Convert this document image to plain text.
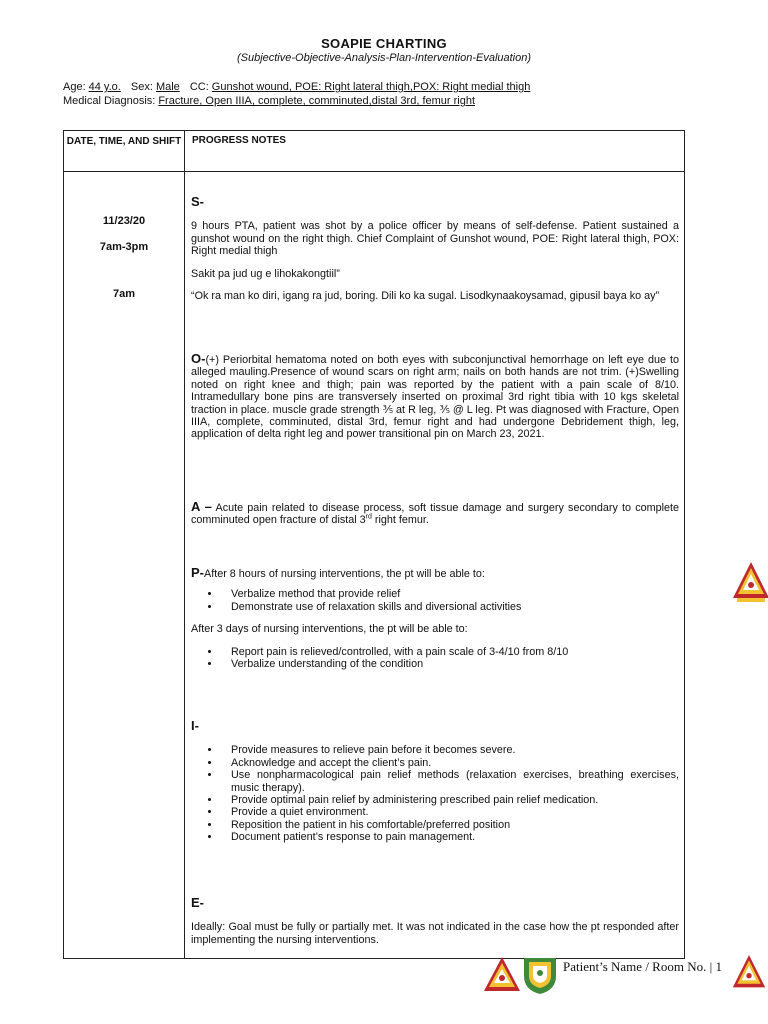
SOAPIE CHARTING
(Subjective-Objective-Analysis-Plan-Intervention-Evaluation)
Age: 44 y.o. Sex: Male CC: Gunshot wound, POE: Right lateral thigh,POX: Right medial thigh
Medical Diagnosis: Fracture, Open IIIA, complete, comminuted,distal 3rd, femur right
DATE, TIME, AND SHIFT PROGRESS NOTES
11/23/20
7am-3pm
7am
S-
9 hours PTA, patient was shot by a police officer by means of self-defense. Patient sustained a gunshot wound on the right thigh. Chief Complaint of Gunshot wound, POE: Right lateral thigh, POX: Right medial thigh
Sakit pa jud ug e lihokakongtiil”
“Ok ra man ko diri, igang ra jud, boring. Dili ko ka sugal. Lisodkynaakoysamad, gipusil baya ko ay”
O-(+) Periorbital hematoma noted on both eyes with subconjunctival hemorrhage on left eye due to alleged mauling.Presence of wound scars on right arm; nails on both hands are not trim. (+)Swelling noted on right knee and thigh; pain was reported by the patient with a pain scale of 8/10. Intramedullary bone pins are transversely inserted on proximal 3rd right tibia with 10 kgs skeletal traction in place. muscle grade strength ⅗ at R leg, ⅗ @ L leg. Pt was diagnosed with Fracture, Open IIIA, complete, comminuted, distal 3rd, femur right and had undergone Debridement thigh, leg, application of delta right leg and power transitional pin on March 23, 2021.
A – Acute pain related to disease process, soft tissue damage and surgery secondary to complete comminuted open fracture of distal 3rd right femur.
P-After 8 hours of nursing interventions, the pt will be able to:
• Verbalize method that provide relief
• Demonstrate use of relaxation skills and diversional activities
After 3 days of nursing interventions, the pt will be able to:
• Report pain is relieved/controlled, with a pain scale of 3-4/10 from 8/10
• Verbalize understanding of the condition
I-
• Provide measures to relieve pain before it becomes severe.
• Acknowledge and accept the client’s pain.
• Use nonpharmacological pain relief methods (relaxation exercises, breathing exercises, music therapy).
• Provide optimal pain relief by administering prescribed pain relief medication.
• Provide a quiet environment.
• Reposition the patient in his comfortable/preferred position
• Document patient’s response to pain management.
E-
Ideally: Goal must be fully or partially met. It was not indicated in the case how the pt responded after implementing the nursing interventions.
Patient’s Name / Room No. | 1
